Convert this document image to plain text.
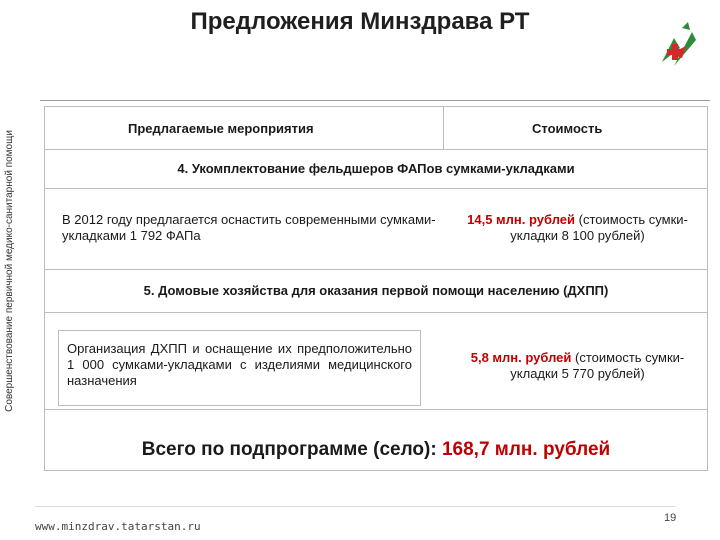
Предложения Минздрава РТ
Совершенствование первичной медико-санитарной помощи
Предлагаемые мероприятия	Стоимость
4. Укомплектование фельдшеров ФАПов сумками-укладками
В 2012 году предлагается оснастить современными сумками-укладками 1 792 ФАПа
14,5 млн. рублей (стоимость сумки-укладки 8 100 рублей)
5. Домовые хозяйства для оказания первой помощи населению (ДХПП)
Организация ДХПП и оснащение их предположительно 1 000 сумками-укладками с изделиями медицинского назначения
5,8 млн. рублей (стоимость сумки-укладки 5 770 рублей)
Всего по подпрограмме (село): 168,7 млн. рублей
www.minzdrav.tatarstan.ru
19
